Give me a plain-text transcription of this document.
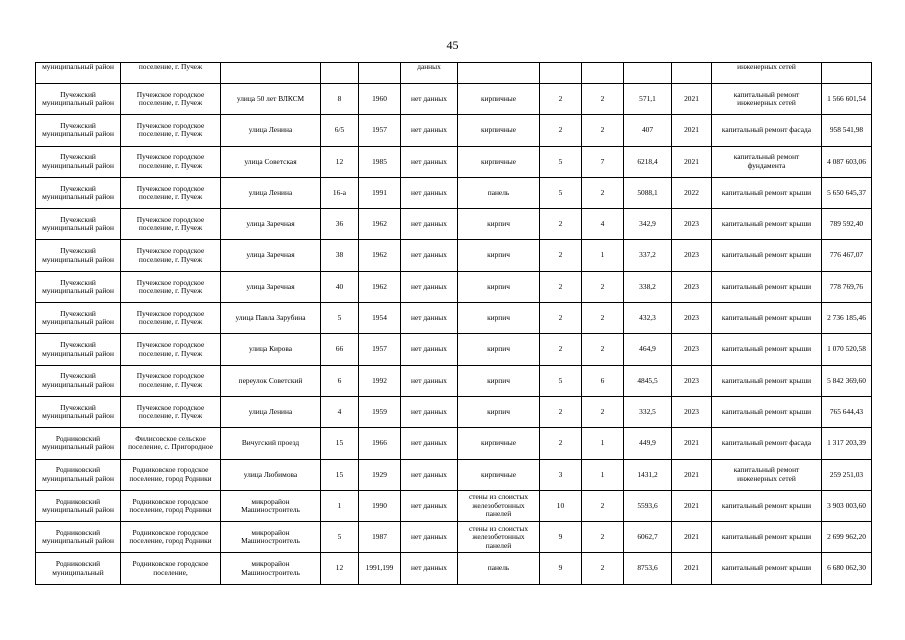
45
муниципальный район	поселение, г. Пучеж				данных						инженерных сетей	
Пучежский муниципальный район	Пучежское городское поселение, г. Пучеж	улица 50 лет ВЛКСМ	8	1960	нет данных	кирпичные	2	2	571,1	2021	капитальный ремонт инженерных сетей	1 566 601,54
Пучежский муниципальный район	Пучежское городское поселение, г. Пучеж	улица Ленина	6/5	1957	нет данных	кирпичные	2	2	407	2021	капитальный ремонт фасада	958 541,98
Пучежский муниципальный район	Пучежское городское поселение, г. Пучеж	улица Советская	12	1985	нет данных	кирпичные	5	7	6218,4	2021	капитальный ремонт фундамента	4 087 603,06
Пучежский муниципальный район	Пучежское городское поселение, г. Пучеж	улица Ленина	16-а	1991	нет данных	панель	5	2	5088,1	2022	капитальный ремонт крыши	5 650 645,37
Пучежский муниципальный район	Пучежское городское поселение, г. Пучеж	улица Заречная	36	1962	нет данных	кирпич	2	4	342,9	2023	капитальный ремонт крыши	789 592,40
Пучежский муниципальный район	Пучежское городское поселение, г. Пучеж	улица Заречная	38	1962	нет данных	кирпич	2	1	337,2	2023	капитальный ремонт крыши	776 467,07
Пучежский муниципальный район	Пучежское городское поселение, г. Пучеж	улица Заречная	40	1962	нет данных	кирпич	2	2	338,2	2023	капитальный ремонт крыши	778 769,76
Пучежский муниципальный район	Пучежское городское поселение, г. Пучеж	улица Павла Зарубина	5	1954	нет данных	кирпич	2	2	432,3	2023	капитальный ремонт крыши	2 736 185,46
Пучежский муниципальный район	Пучежское городское поселение, г. Пучеж	улица Кирова	66	1957	нет данных	кирпич	2	2	464,9	2023	капитальный ремонт крыши	1 070 520,58
Пучежский муниципальный район	Пучежское городское поселение, г. Пучеж	переулок Советский	6	1992	нет данных	кирпич	5	6	4845,5	2023	капитальный ремонт крыши	5 842 369,60
Пучежский муниципальный район	Пучежское городское поселение, г. Пучеж	улица Ленина	4	1959	нет данных	кирпич	2	2	332,5	2023	капитальный ремонт крыши	765 644,43
Родниковский муниципальный район	Филисовское сельское поселение, с. Пригородное	Вичугский проезд	15	1966	нет данных	кирпичные	2	1	449,9	2021	капитальный ремонт фасада	1 317 203,39
Родниковский муниципальный район	Родниковское городское поселение, город Родники	улица Любимова	15	1929	нет данных	кирпичные	3	1	1431,2	2021	капитальный ремонт инженерных сетей	259 251,03
Родниковский муниципальный район	Родниковское городское поселение, город Родники	микрорайон Машиностроитель	1	1990	нет данных	стены из слоистых железобетонных панелей	10	2	5593,6	2021	капитальный ремонт крыши	3 903 003,60
Родниковский муниципальный район	Родниковское городское поселение, город Родники	микрорайон Машиностроитель	5	1987	нет данных	стены из слоистых железобетонных панелей	9	2	6062,7	2021	капитальный ремонт крыши	2 699 962,20
Родниковский муниципальный	Родниковское городское поселение,	микрорайон Машиностроитель	12	1991,199	нет данных	панель	9	2	8753,6	2021	капитальный ремонт крыши	6 680 062,30
